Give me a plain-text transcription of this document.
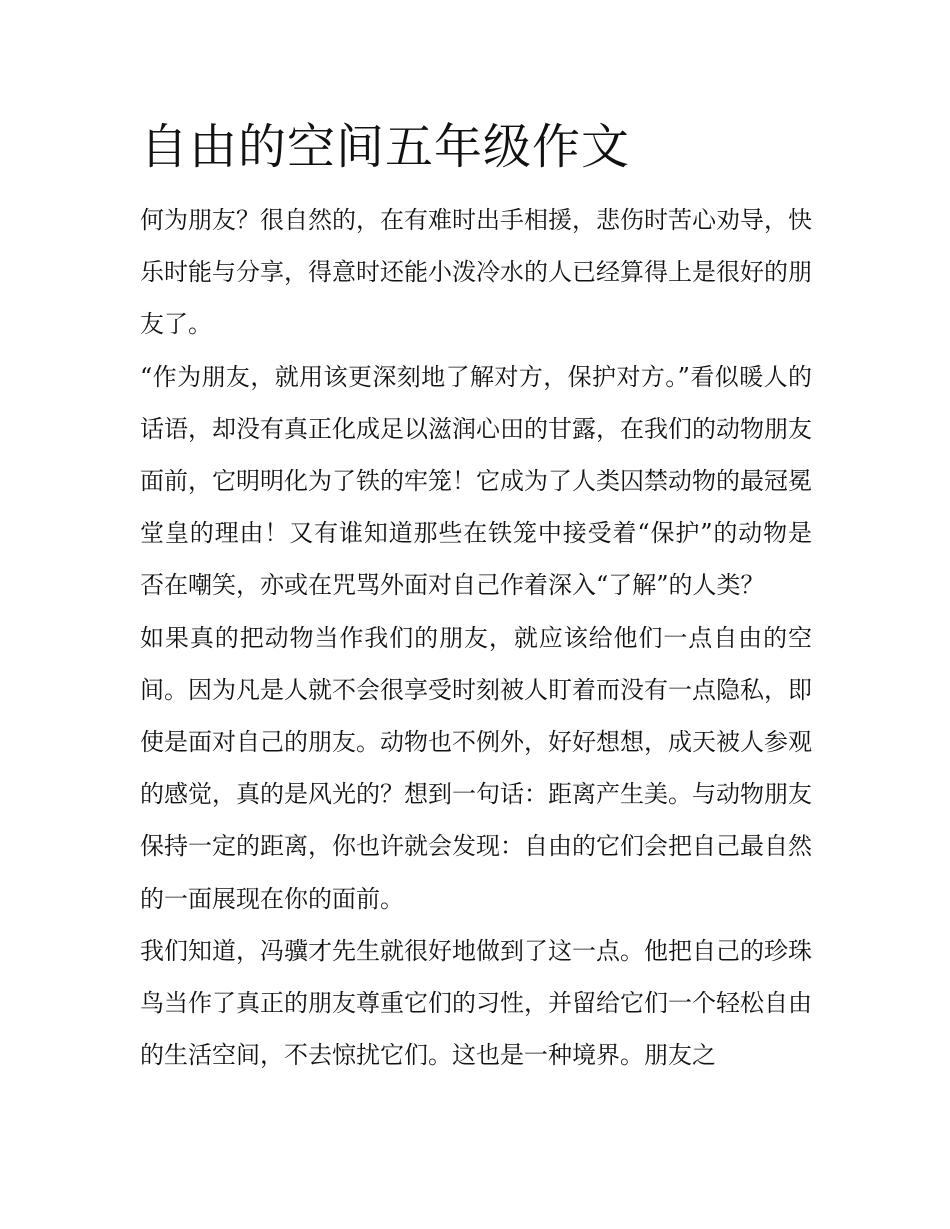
自由的空间五年级作文

何为朋友？很自然的，在有难时出手相援，悲伤时苦心劝导，快乐时能与分享，得意时还能小泼冷水的人已经算得上是很好的朋友了。

“作为朋友，就用该更深刻地了解对方，保护对方。”看似暖人的话语，却没有真正化成足以滋润心田的甘露，在我们的动物朋友面前，它明明化为了铁的牢笼！它成为了人类囚禁动物的最冠冕堂皇的理由！又有谁知道那些在铁笼中接受着“保护”的动物是否在嘲笑，亦或在咒骂外面对自己作着深入“了解”的人类？

如果真的把动物当作我们的朋友，就应该给他们一点自由的空间。因为凡是人就不会很享受时刻被人盯着而没有一点隐私，即使是面对自己的朋友。动物也不例外，好好想想，成天被人参观的感觉，真的是风光的？想到一句话：距离产生美。与动物朋友保持一定的距离，你也许就会发现：自由的它们会把自己最自然的一面展现在你的面前。

我们知道，冯骥才先生就很好地做到了这一点。他把自己的珍珠鸟当作了真正的朋友尊重它们的习性，并留给它们一个轻松自由的生活空间，不去惊扰它们。这也是一种境界。朋友之
